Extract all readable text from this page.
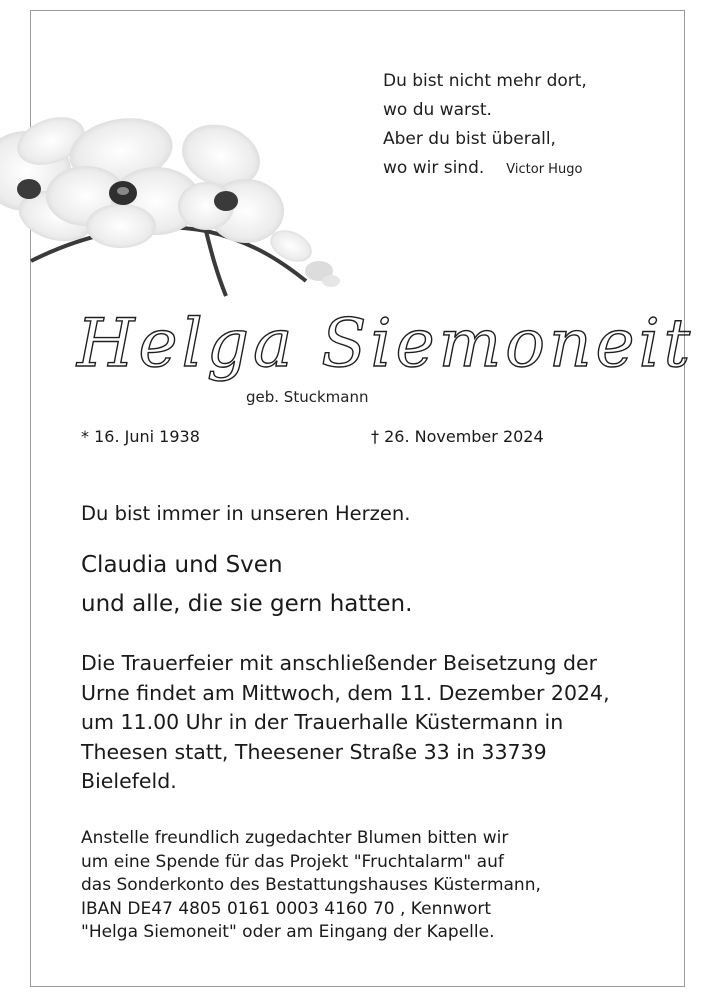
Du bist nicht mehr dort,
wo du warst.
Aber du bist überall,
wo wir sind. Victor Hugo
Helga Siemoneit
geb. Stuckmann
* 16. Juni 1938	† 26. November 2024
Du bist immer in unseren Herzen.
Claudia und Sven
und alle, die sie gern hatten.
Die Trauerfeier mit anschließender Beisetzung der
Urne findet am Mittwoch, dem 11. Dezember 2024,
um 11.00 Uhr in der Trauerhalle Küstermann in
Theesen statt, Theesener Straße 33 in 33739
Bielefeld.
Anstelle freundlich zugedachter Blumen bitten wir
um eine Spende für das Projekt "Fruchtalarm" auf
das Sonderkonto des Bestattungshauses Küstermann,
IBAN DE47 4805 0161 0003 4160 70 , Kennwort
"Helga Siemoneit" oder am Eingang der Kapelle.
